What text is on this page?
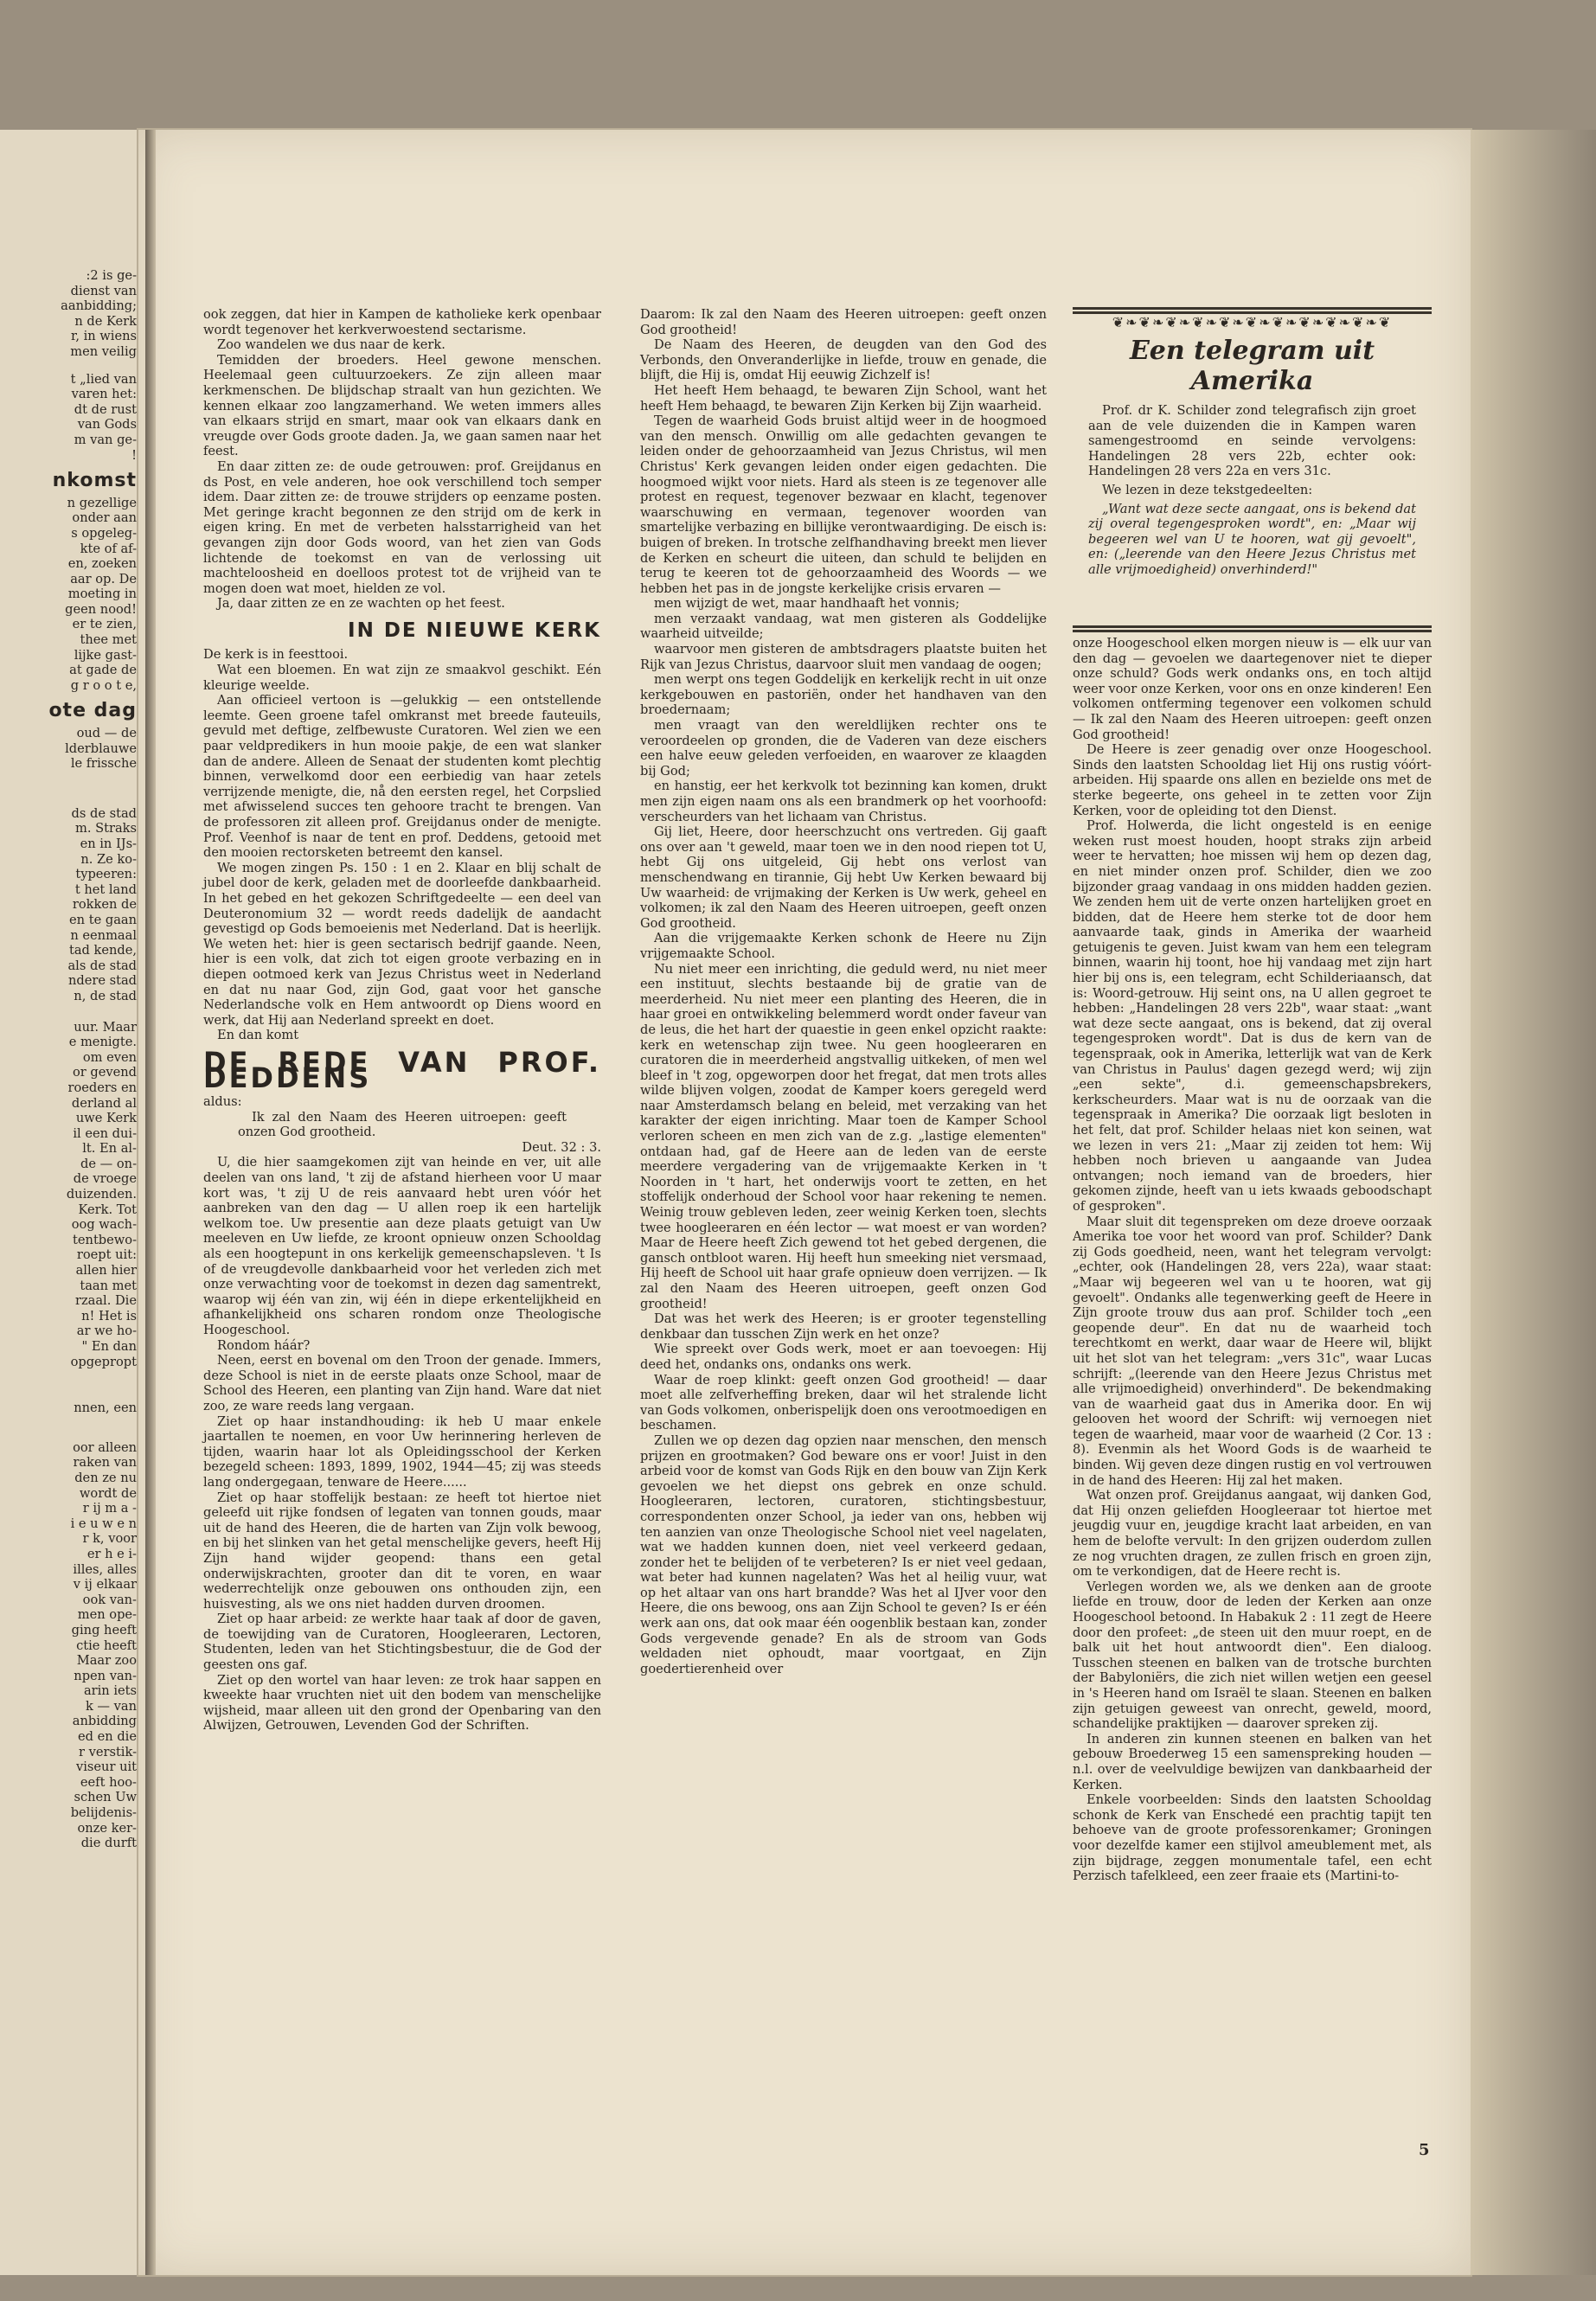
:2 is ge-
dienst van
aanbidding;
n de Kerk
r, in wiens
men veilig
t „lied van
varen het:
dt de rust
van Gods
m van ge-
!
nkomst
n gezellige
onder aan
s opgeleg-
kte of af-
en, zoeken
aar op. De
moeting in
geen nood!
er te zien,
thee met
lijke gast-
at gade de
g r o o t e,
ote dag
oud — de
lderblauwe
le frissche
ds de stad
m. Straks
en in IJs-
n. Ze ko-
typeeren:
t het land
rokken de
en te gaan
n eenmaal
tad kende,
als de stad
ndere stad
n, de stad
uur. Maar
e menigte.
om even
or gevend
roeders en
derland al
uwe Kerk
il een dui-
lt. En al-
de — on-
de vroege
duizenden.
Kerk. Tot
oog wach-
tentbewo-
roept uit:
allen hier
taan met
rzaal. Die
n! Het is
ar we ho-
" En dan
opgepropt
nnen, een
oor alleen
raken van
den ze nu
wordt de
r ij m a -
i e u w e n
r k, voor
er h e i-
illes, alles
v ij elkaar
ook van-
men ope-
ging heeft
ctie heeft
Maar zoo
npen van-
arin iets
k — van
anbidding
ed en die
r verstik-
viseur uit
eeft hoo-
schen Uw
belijdenis-
onze ker-
die durft

ook zeggen, dat hier in Kampen de katholieke kerk openbaar wordt tegenover het kerkverwoestend sectarisme.

Zoo wandelen we dus naar de kerk.

Temidden der broeders. Heel gewone menschen. Heelemaal geen cultuurzoekers. Ze zijn alleen maar kerkmenschen. De blijdschap straalt van hun gezichten. We kennen elkaar zoo langzamerhand. We weten immers alles van elkaars strijd en smart, maar ook van elkaars dank en vreugde over Gods groote daden. Ja, we gaan samen naar het feest.

En daar zitten ze: de oude getrouwen: prof. Greijdanus en ds Post, en vele anderen, hoe ook verschillend toch semper idem. Daar zitten ze: de trouwe strijders op eenzame posten. Met geringe kracht begonnen ze den strijd om de kerk in eigen kring. En met de verbeten halsstarrigheid van het gevangen zijn door Gods woord, van het zien van Gods lichtende de toekomst en van de verlossing uit machteloosheid en doelloos protest tot de vrijheid van te mogen doen wat moet, hielden ze vol.

Ja, daar zitten ze en ze wachten op het feest.

IN DE NIEUWE KERK

De kerk is in feesttooi.

Wat een bloemen. En wat zijn ze smaakvol geschikt. Eén kleurige weelde.

Aan officieel vertoon is —gelukkig — een ontstellende leemte. Geen groene tafel omkranst met breede fauteuils, gevuld met deftige, zelfbewuste Curatoren. Wel zien we een paar veldpredikers in hun mooie pakje, de een wat slanker dan de andere. Alleen de Senaat der studenten komt plechtig binnen, verwelkomd door een eerbiedig van haar zetels verrijzende menigte, die, nå den eersten regel, het Corpslied met afwisselend succes ten gehoore tracht te brengen. Van de professoren zit alleen prof. Greijdanus onder de menigte. Prof. Veenhof is naar de tent en prof. Deddens, getooid met den mooien rectorsketen betreemt den kansel.

We mogen zingen Ps. 150 : 1 en 2. Klaar en blij schalt de jubel door de kerk, geladen met de doorleefde dankbaarheid. In het gebed en het gekozen Schriftgedeelte — een deel van Deuteronomium 32 — wordt reeds dadelijk de aandacht gevestigd op Gods bemoeienis met Nederland. Dat is heerlijk. We weten het: hier is geen sectarisch bedrijf gaande. Neen, hier is een volk, dat zich tot eigen groote verbazing en in diepen ootmoed kerk van Jezus Christus weet in Nederland en dat nu naar God, zijn God, gaat voor het gansche Nederlandsche volk en Hem antwoordt op Diens woord en werk, dat Hij aan Nederland spreekt en doet.

En dan komt

DE REDE VAN PROF. DEDDENS

aldus:

Ik zal den Naam des Heeren uitroepen: geeft onzen God grootheid.

Deut. 32 : 3.

U, die hier saamgekomen zijt van heinde en ver, uit alle deelen van ons land, 't zij de afstand hierheen voor U maar kort was, 't zij U de reis aanvaard hebt uren vóór het aanbreken van den dag — U allen roep ik een hartelijk welkom toe. Uw presentie aan deze plaats getuigt van Uw meeleven en Uw liefde, ze kroont opnieuw onzen Schooldag als een hoogtepunt in ons kerkelijk gemeenschapsleven. 't Is of de vreugdevolle dankbaarheid voor het verleden zich met onze verwachting voor de toekomst in dezen dag samentrekt, waarop wij één van zin, wij één in diepe erkentelijkheid en afhankelijkheid ons scharen rondom onze Theologische Hoogeschool.

Rondom háár?

Neen, eerst en bovenal om den Troon der genade. Immers, deze School is niet in de eerste plaats onze School, maar de School des Heeren, een planting van Zijn hand. Ware dat niet zoo, ze ware reeds lang vergaan.

Ziet op haar instandhouding: ik heb U maar enkele jaartallen te noemen, en voor Uw herinnering herleven de tijden, waarin haar lot als Opleidingsschool der Kerken bezegeld scheen: 1893, 1899, 1902, 1944—45; zij was steeds lang ondergegaan, tenware de Heere......

Ziet op haar stoffelijk bestaan: ze heeft tot hiertoe niet geleefd uit rijke fondsen of legaten van tonnen gouds, maar uit de hand des Heeren, die de harten van Zijn volk bewoog, en bij het slinken van het getal menschelijke gevers, heeft Hij Zijn hand wijder geopend: thans een getal onderwijskrachten, grooter dan dit te voren, en waar wederrechtelijk onze gebouwen ons onthouden zijn, een huisvesting, als we ons niet hadden durven droomen.

Ziet op haar arbeid: ze werkte haar taak af door de gaven, de toewijding van de Curatoren, Hoogleeraren, Lectoren, Studenten, leden van het Stichtingsbestuur, die de God der geesten ons gaf.

Ziet op den wortel van haar leven: ze trok haar sappen en kweekte haar vruchten niet uit den bodem van menschelijke wijsheid, maar alleen uit den grond der Openbaring van den Alwijzen, Getrouwen, Levenden God der Schriften.

Daarom: Ik zal den Naam des Heeren uitroepen: geeft onzen God grootheid!

De Naam des Heeren, de deugden van den God des Verbonds, den Onveranderlijke in liefde, trouw en genade, die blijft, die Hij is, omdat Hij eeuwig Zichzelf is!

Het heeft Hem behaagd, te bewaren Zijn School, want het heeft Hem behaagd, te bewaren Zijn Kerken bij Zijn waarheid.

Tegen de waarheid Gods bruist altijd weer in de hoogmoed van den mensch. Onwillig om alle gedachten gevangen te leiden onder de gehoorzaamheid van Jezus Christus, wil men Christus' Kerk gevangen leiden onder eigen gedachten. Die hoogmoed wijkt voor niets. Hard als steen is ze tegenover alle protest en request, tegenover bezwaar en klacht, tegenover waarschuwing en vermaan, tegenover woorden van smartelijke verbazing en billijke verontwaardiging. De eisch is: buigen of breken. In trotsche zelfhandhaving breekt men liever de Kerken en scheurt die uiteen, dan schuld te belijden en terug te keeren tot de gehoorzaamheid des Woords — we hebben het pas in de jongste kerkelijke crisis ervaren —

men wijzigt de wet, maar handhaaft het vonnis;

men verzaakt vandaag, wat men gisteren als Goddelijke waarheid uitveilde;

waarvoor men gisteren de ambtsdragers plaatste buiten het Rijk van Jezus Christus, daarvoor sluit men vandaag de oogen;

men werpt ons tegen Goddelijk en kerkelijk recht in uit onze kerkgebouwen en pastoriën, onder het handhaven van den broedernaam;

men vraagt van den wereldlijken rechter ons te veroordeelen op gronden, die de Vaderen van deze eischers een halve eeuw geleden verfoeiden, en waarover ze klaagden bij God;

en hanstig, eer het kerkvolk tot bezinning kan komen, drukt men zijn eigen naam ons als een brandmerk op het voorhoofd: verscheurders van het lichaam van Christus.

Gij liet, Heere, door heerschzucht ons vertreden. Gij gaaft ons over aan 't geweld, maar toen we in den nood riepen tot U, hebt Gij ons uitgeleid, Gij hebt ons verlost van menschendwang en tirannie, Gij hebt Uw Kerken bewaard bij Uw waarheid: de vrijmaking der Kerken is Uw werk, geheel en volkomen; ik zal den Naam des Heeren uitroepen, geeft onzen God grootheid.

Aan die vrijgemaakte Kerken schonk de Heere nu Zijn vrijgemaakte School.

Nu niet meer een inrichting, die geduld werd, nu niet meer een instituut, slechts bestaande bij de gratie van de meerderheid. Nu niet meer een planting des Heeren, die in haar groei en ontwikkeling belemmerd wordt onder faveur van de leus, die het hart der quaestie in geen enkel opzicht raakte: kerk en wetenschap zijn twee. Nu geen hoogleeraren en curatoren die in meerderheid angstvallig uitkeken, of men wel bleef in 't zog, opgeworpen door het fregat, dat men trots alles wilde blijven volgen, zoodat de Kamper koers geregeld werd naar Amsterdamsch belang en beleid, met verzaking van het karakter der eigen inrichting. Maar toen de Kamper School verloren scheen en men zich van de z.g. „lastige elementen" ontdaan had, gaf de Heere aan de leden van de eerste meerdere vergadering van de vrijgemaakte Kerken in 't Noorden in 't hart, het onderwijs voort te zetten, en het stoffelijk onderhoud der School voor haar rekening te nemen. Weinig trouw gebleven leden, zeer weinig Kerken toen, slechts twee hoogleeraren en één lector — wat moest er van worden? Maar de Heere heeft Zich gewend tot het gebed dergenen, die gansch ontbloot waren. Hij heeft hun smeeking niet versmaad, Hij heeft de School uit haar grafe opnieuw doen verrijzen. — Ik zal den Naam des Heeren uitroepen, geeft onzen God grootheid!

Dat was het werk des Heeren; is er grooter tegenstelling denkbaar dan tusschen Zijn werk en het onze?

Wie spreekt over Gods werk, moet er aan toevoegen: Hij deed het, ondanks ons, ondanks ons werk.

Waar de roep klinkt: geeft onzen God grootheid! — daar moet alle zelfverheffing breken, daar wil het stralende licht van Gods volkomen, onberispelijk doen ons verootmoedigen en beschamen.

Zullen we op dezen dag opzien naar menschen, den mensch prijzen en grootmaken? God beware ons er voor! Juist in den arbeid voor de komst van Gods Rijk en den bouw van Zijn Kerk gevoelen we het diepst ons gebrek en onze schuld. Hoogleeraren, lectoren, curatoren, stichtingsbestuur, correspondenten onzer School, ja ieder van ons, hebben wij ten aanzien van onze Theologische School niet veel nagelaten, wat we hadden kunnen doen, niet veel verkeerd gedaan, zonder het te belijden of te verbeteren? Is er niet veel gedaan, wat beter had kunnen nagelaten? Was het al heilig vuur, wat op het altaar van ons hart brandde? Was het al IJver voor den Heere, die ons bewoog, ons aan Zijn School te geven? Is er één werk aan ons, dat ook maar één oogenblik bestaan kan, zonder Gods vergevende genade? En als de stroom van Gods weldaden niet ophoudt, maar voortgaat, en Zijn goedertierenheid over

❦❧❦❧❦❧❦❧❦❧❦❧❦❧❦❧❦❧❦❧❦
Een telegram uit Amerika

Prof. dr K. Schilder zond telegrafisch zijn groet aan de vele duizenden die in Kampen waren samengestroomd en seinde vervolgens: Handelingen 28 vers 22b, echter ook: Handelingen 28 vers 22a en vers 31c.

We lezen in deze tekstgedeelten:

„Want wat deze secte aangaat, ons is bekend dat zij overal tegengesproken wordt", en: „Maar wij begeeren wel van U te hooren, wat gij gevoelt", en: („leerende van den Heere Jezus Christus met alle vrijmoedigheid) onverhinderd!"

onze Hoogeschool elken morgen nieuw is — elk uur van den dag — gevoelen we daartegenover niet te dieper onze schuld? Gods werk ondanks ons, en toch altijd weer voor onze Kerken, voor ons en onze kinderen! Een volkomen ontferming tegenover een volkomen schuld — Ik zal den Naam des Heeren uitroepen: geeft onzen God grootheid!

De Heere is zeer genadig over onze Hoogeschool. Sinds den laatsten Schooldag liet Hij ons rustig vóórt-arbeiden. Hij spaarde ons allen en bezielde ons met de sterke begeerte, ons geheel in te zetten voor Zijn Kerken, voor de opleiding tot den Dienst.

Prof. Holwerda, die licht ongesteld is en eenige weken rust moest houden, hoopt straks zijn arbeid weer te hervatten; hoe missen wij hem op dezen dag, en niet minder onzen prof. Schilder, dien we zoo bijzonder graag vandaag in ons midden hadden gezien. We zenden hem uit de verte onzen hartelijken groet en bidden, dat de Heere hem sterke tot de door hem aanvaarde taak, ginds in Amerika der waarheid getuigenis te geven. Juist kwam van hem een telegram binnen, waarin hij toont, hoe hij vandaag met zijn hart hier bij ons is, een telegram, echt Schilderiaansch, dat is: Woord-getrouw. Hij seint ons, na U allen gegroet te hebben: „Handelingen 28 vers 22b", waar staat: „want wat deze secte aangaat, ons is bekend, dat zij overal tegengesproken wordt". Dat is dus de kern van de tegenspraak, ook in Amerika, letterlijk wat van de Kerk van Christus in Paulus' dagen gezegd werd; wij zijn „een sekte", d.i. gemeenschapsbrekers, kerkscheurders. Maar wat is nu de oorzaak van die tegenspraak in Amerika? Die oorzaak ligt besloten in het felt, dat prof. Schilder helaas niet kon seinen, wat we lezen in vers 21: „Maar zij zeiden tot hem: Wij hebben noch brieven u aangaande van Judea ontvangen; noch iemand van de broeders, hier gekomen zijnde, heeft van u iets kwaads geboodschapt of gesproken".

Maar sluit dit tegenspreken om deze droeve oorzaak Amerika toe voor het woord van prof. Schilder? Dank zij Gods goedheid, neen, want het telegram vervolgt: „echter, ook (Handelingen 28, vers 22a), waar staat: „Maar wij begeeren wel van u te hooren, wat gij gevoelt". Ondanks alle tegenwerking geeft de Heere in Zijn groote trouw dus aan prof. Schilder toch „een geopende deur". En dat nu de waarheid toch terechtkomt en werkt, daar waar de Heere wil, blijkt uit het slot van het telegram: „vers 31c", waar Lucas schrijft: „(leerende van den Heere Jezus Christus met alle vrijmoedigheid) onverhinderd". De bekendmaking van de waarheid gaat dus in Amerika door. En wij gelooven het woord der Schrift: wij vernoegen niet tegen de waarheid, maar voor de waarheid (2 Cor. 13 : 8). Evenmin als het Woord Gods is de waarheid te binden. Wij geven deze dingen rustig en vol vertrouwen in de hand des Heeren: Hij zal het maken.

Wat onzen prof. Greijdanus aangaat, wij danken God, dat Hij onzen geliefden Hoogleeraar tot hiertoe met jeugdig vuur en, jeugdige kracht laat arbeiden, en van hem de belofte vervult: In den grijzen ouderdom zullen ze nog vruchten dragen, ze zullen frisch en groen zijn, om te verkondigen, dat de Heere recht is.

Verlegen worden we, als we denken aan de groote liefde en trouw, door de leden der Kerken aan onze Hoogeschool betoond. In Habakuk 2 : 11 zegt de Heere door den profeet: „de steen uit den muur roept, en de balk uit het hout antwoordt dien". Een dialoog. Tusschen steenen en balken van de trotsche burchten der Babyloniërs, die zich niet willen wetjen een geesel in 's Heeren hand om Israël te slaan. Steenen en balken zijn getuigen geweest van onrecht, geweld, moord, schandelijke praktijken — daarover spreken zij.

In anderen zin kunnen steenen en balken van het gebouw Broederweg 15 een samenspreking houden — n.l. over de veelvuldige bewijzen van dankbaarheid der Kerken.

Enkele voorbeelden: Sinds den laatsten Schooldag schonk de Kerk van Enschedé een prachtig tapijt ten behoeve van de groote professorenkamer; Groningen voor dezelfde kamer een stijlvol ameublement met, als zijn bijdrage, zeggen monumentale tafel, een echt Perzisch tafelkleed, een zeer fraaie ets (Martini-to-

5
